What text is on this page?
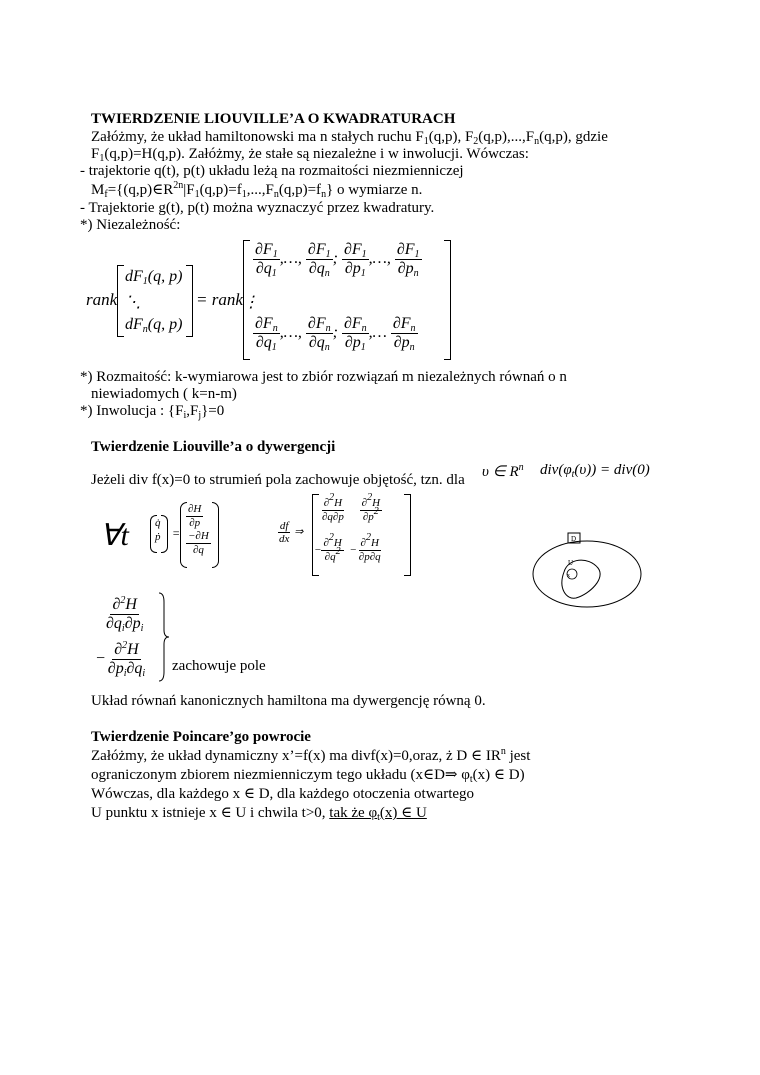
TWIERDZENIE LIOUVILLE’A O KWADRATURACH
Załóżmy, że układ hamiltonowski ma n stałych ruchu $F_1(q,p)$, $F_2(q,p),...,F_n(q,p)$, gdzie
$F_1(q,p)=H(q,p)$. Załóżmy, że stałe są niezależne i w inwolucji. Wówczas:
- trajektorie q(t), p(t) układu leżą na rozmaitości niezmienniczej
$M_f=\{(q,p)\in R^{2n}|F_1(q,p)=f_1,...,F_n(q,p)=f_n\}$ o wymiarze n.
- Trajektorie g(t), p(t) można wyznaczyć przez kwadratury.
*) Niezależność:
rank
$dF_1(q$, p)
⋱
$dF_n(q$, p)
= rank ⋮
$\frac{\partial F_1}{\partial q_1}$ ,…, $\frac{\partial F_1}{\partial q_n}$ ; $\frac{\partial F_1}{\partial p_1}$ ,…, $\frac{\partial F_1}{\partial p_n}$
$\frac{\partial F_n}{\partial q_1}$ ,…, $\frac{\partial F_n}{\partial q_n}$ ; $\frac{\partial F_n}{\partial p_1}$ ,… $\frac{\partial F_n}{\partial p_n}$
*) Rozmaitość: k-wymiarowa jest to zbiór rozwiązań m niezależnych równań o n
niewiadomych ( k=n-m)
*) Inwolucja : $\{F_i,F_j\}=0$
Twierdzenie Liouville’a o dywergencji
Jeżeli div f(x)=0 to strumień pola zachowuje objętość, tzn. dla υ ∈ $R^n$ $div(\varphi_t(\upsilon)) = div(0)$
∀t q̇
ṗ =
$\frac{\partial H}{\partial p}$

$\frac{-\partial H}{\partial q}$	$\frac{df}{dx}$ ⇒
$\frac{\partial^2H}{\partial q\partial p}$
$\frac{\partial^2H}{\partial p^2}$
− $\frac{\partial^2H}{\partial q^2} - \frac{\partial^2H}{\partial p\partial q}$	D
U
x
$\frac{\partial^2H}{\partial q_i\partial p_i}$
− $\frac{\partial^2H}{\partial p_i\partial q_i}$ zachowuje pole
Układ równań kanonicznych hamiltona ma dywergencję równą 0.
Twierdzenie Poincare’go powrocie
Załóżmy, że układ dynamiczny x’=f(x) ma divf(x)=0,oraz, ż D ∈ $IR^n$ jest
ograniczonym zbiorem niezmienniczym tego układu (x∈D⇒ $\varphi_t(x)$ ∈ D)
Wówczas, dla każdego x ∈ D, dla każdego otoczenia otwartego
U punktu x istnieje x ∈ U i chwila t>0, tak że $\varphi_t(x)$ ∈ U
